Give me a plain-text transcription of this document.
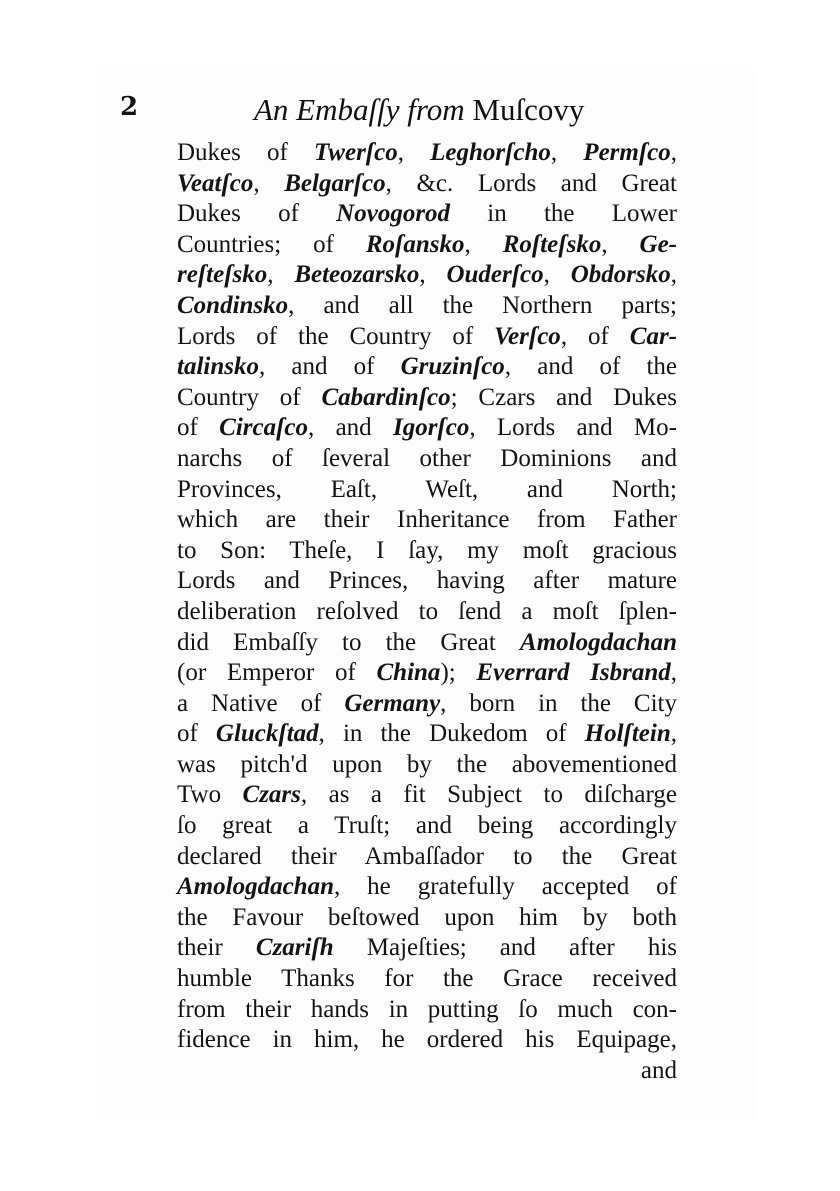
2	An Embaſſy from Muſcovy

Dukes of Twerſco, Leghorſcho, Permſco,
Veatſco, Belgarſco, &c. Lords and Great
Dukes of Novogorod in the Lower
Countries; of Roſansko, Roſteſsko, Ge-
reſteſsko, Beteozarsko, Ouderſco, Obdorsko,
Condinsko, and all the Northern parts;
Lords of the Country of Verſco, of Car-
talinsko, and of Gruzinſco, and of the
Country of Cabardinſco; Czars and Dukes
of Circaſco, and Igorſco, Lords and Mo-
narchs of ſeveral other Dominions and
Provinces, Eaſt, Weſt, and North;
which are their Inheritance from Father
to Son: Theſe, I ſay, my moſt gracious
Lords and Princes, having after mature
deliberation reſolved to ſend a moſt ſplen-
did Embaſſy to the Great Amologdachan
(or Emperor of China); Everrard Isbrand,
a Native of Germany, born in the City
of Gluckſtad, in the Dukedom of Holſtein,
was pitch'd upon by the abovementioned
Two Czars, as a fit Subject to diſcharge
ſo great a Truſt; and being accordingly
declared their Ambaſſador to the Great
Amologdachan, he gratefully accepted of
the Favour beſtowed upon him by both
their Czariſh Majeſties; and after his
humble Thanks for the Grace received
from their hands in putting ſo much con-
fidence in him, he ordered his Equipage,
and
